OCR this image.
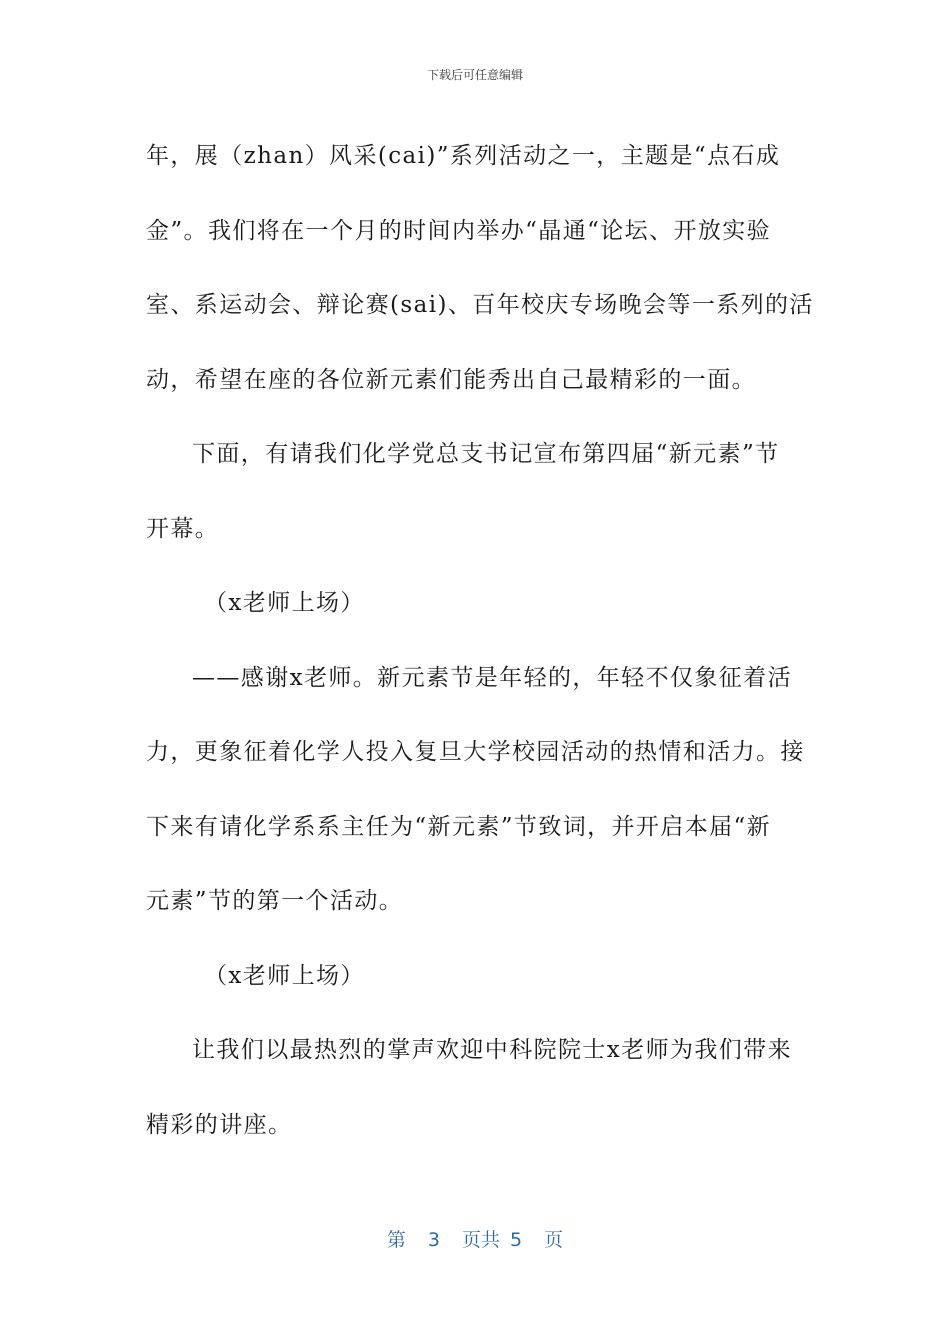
下载后可任意编辑

年，展（zhan）风采(cai)”系列活动之一，主题是“点石成

金”。我们将在一个月的时间内举办“晶通“论坛、开放实验

室、系运动会、辩论赛(sai)、百年校庆专场晚会等一系列的活

动，希望在座的各位新元素们能秀出自己最精彩的一面。

下面，有请我们化学党总支书记宣布第四届“新元素”节

开幕。

（x老师上场）

——感谢x老师。新元素节是年轻的，年轻不仅象征着活

力，更象征着化学人投入复旦大学校园活动的热情和活力。接

下来有请化学系系主任为“新元素”节致词，并开启本届“新

元素”节的第一个活动。

（x老师上场）

让我们以最热烈的掌声欢迎中科院院士x老师为我们带来

精彩的讲座。

第 3 页共 5 页
